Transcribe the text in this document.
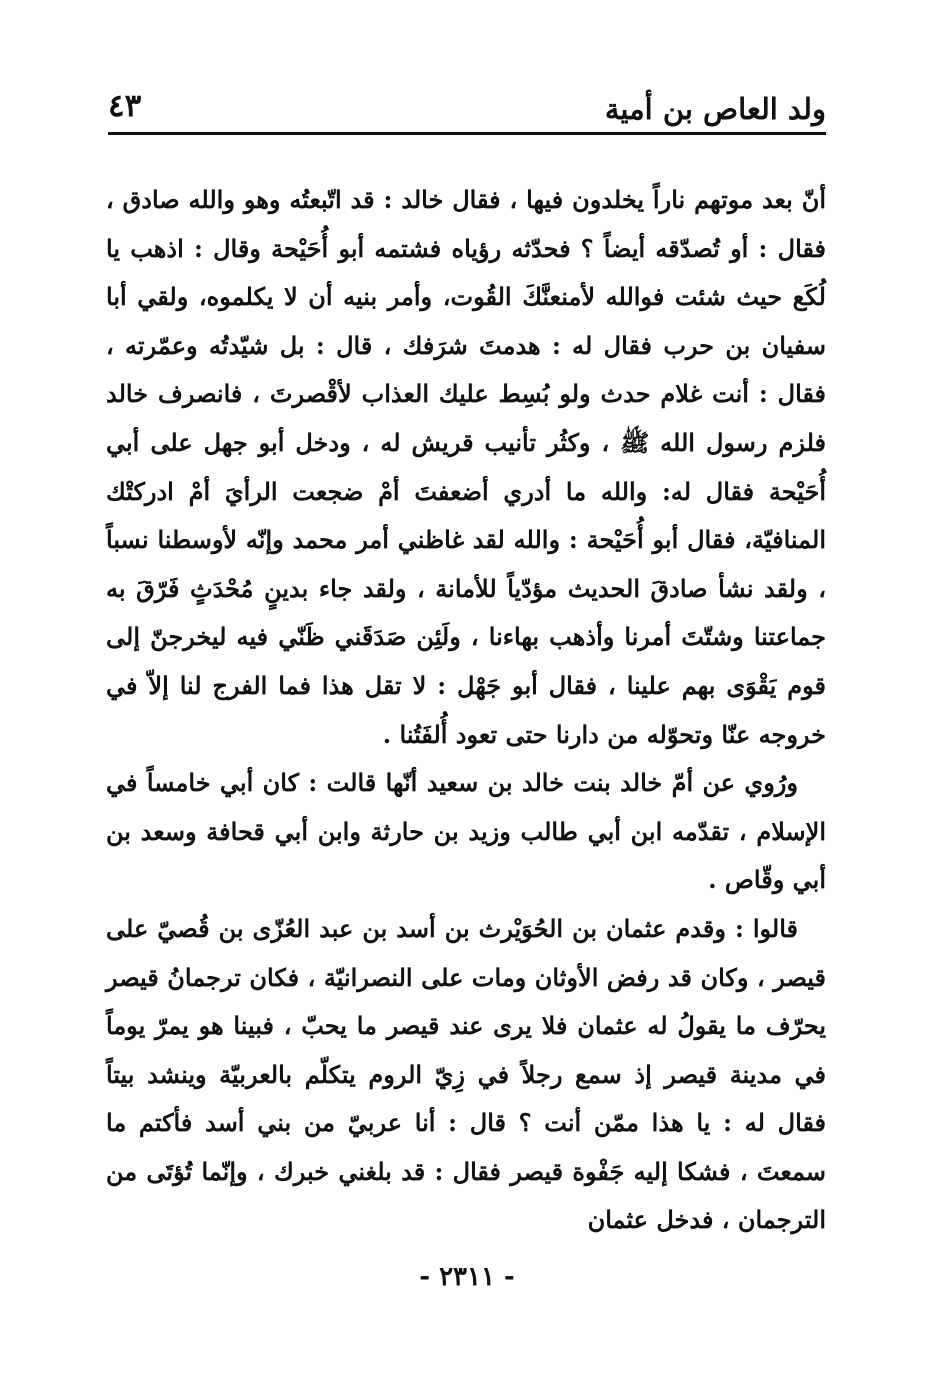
ولد العاص بن أمية
٤٣

أنّ بعد موتهم ناراً يخلدون فيها ، فقال خالد : قد اتّبعتُه وهو والله صادق ، فقال : أو تُصدّقه أيضاً ؟ فحدّثه رؤياه فشتمه أبو أُحَيْحة وقال : اذهب يا لُكَع حيث شئت فوالله لأمنعنَّكَ القُوت، وأمر بنيه أن لا يكلموه، ولقي أبا سفيان بن حرب فقال له : هدمتَ شرَفك ، قال : بل شيّدتُه وعمّرته ، فقال : أنت غلام حدث ولو بُسِط عليك العذاب لأقْصرتَ ، فانصرف خالد فلزم رسول الله ﷺ ، وكثُر تأنيب قريش له ، ودخل أبو جهل على أبي أُحَيْحة فقال له: والله ما أدري أضعفتَ أمْ ضجعت الرأيَ أمْ ادركتْك المنافيّة، فقال أبو أُحَيْحة : والله لقد غاظني أمر محمد وإنّه لأوسطنا نسباً ، ولقد نشأ صادقَ الحديث مؤدّياً للأمانة ، ولقد جاء بدينٍ مُحْدَثٍ فَرّقَ به جماعتنا وشتّتَ أمرنا وأذهب بهاءنا ، ولَئِن صَدَقَني ظَنّي فيه ليخرجنّ إلى قوم يَقْوَى بهم علينا ، فقال أبو جَهْل : لا تقل هذا فما الفرج لنا إلاّ في خروجه عنّا وتحوّله من دارنا حتى تعود أُلفَتُنا .

ورُوي عن أمّ خالد بنت خالد بن سعيد أنّها قالت : كان أبي خامساً في الإسلام ، تقدّمه ابن أبي طالب وزيد بن حارثة وابن أبي قحافة وسعد بن أبي وقّاص .

قالوا : وقدم عثمان بن الحُوَيْرث بن أسد بن عبد العُزّى بن قُصيّ على قيصر ، وكان قد رفض الأوثان ومات على النصرانيّة ، فكان ترجمانُ قيصر يحرّف ما يقولُ له عثمان فلا يرى عند قيصر ما يحبّ ، فبينا هو يمرّ يوماً في مدينة قيصر إذ سمع رجلاً في زِيّ الروم يتكلّم بالعربيّة وينشد بيتاً فقال له : يا هذا ممّن أنت ؟ قال : أنا عربيّ من بني أسد فأكتم ما سمعتَ ، فشكا إليه جَفْوة قيصر فقال : قد بلغني خبرك ، وإنّما تُؤتَى من الترجمان ، فدخل عثمان

- ٢٣١١ -
